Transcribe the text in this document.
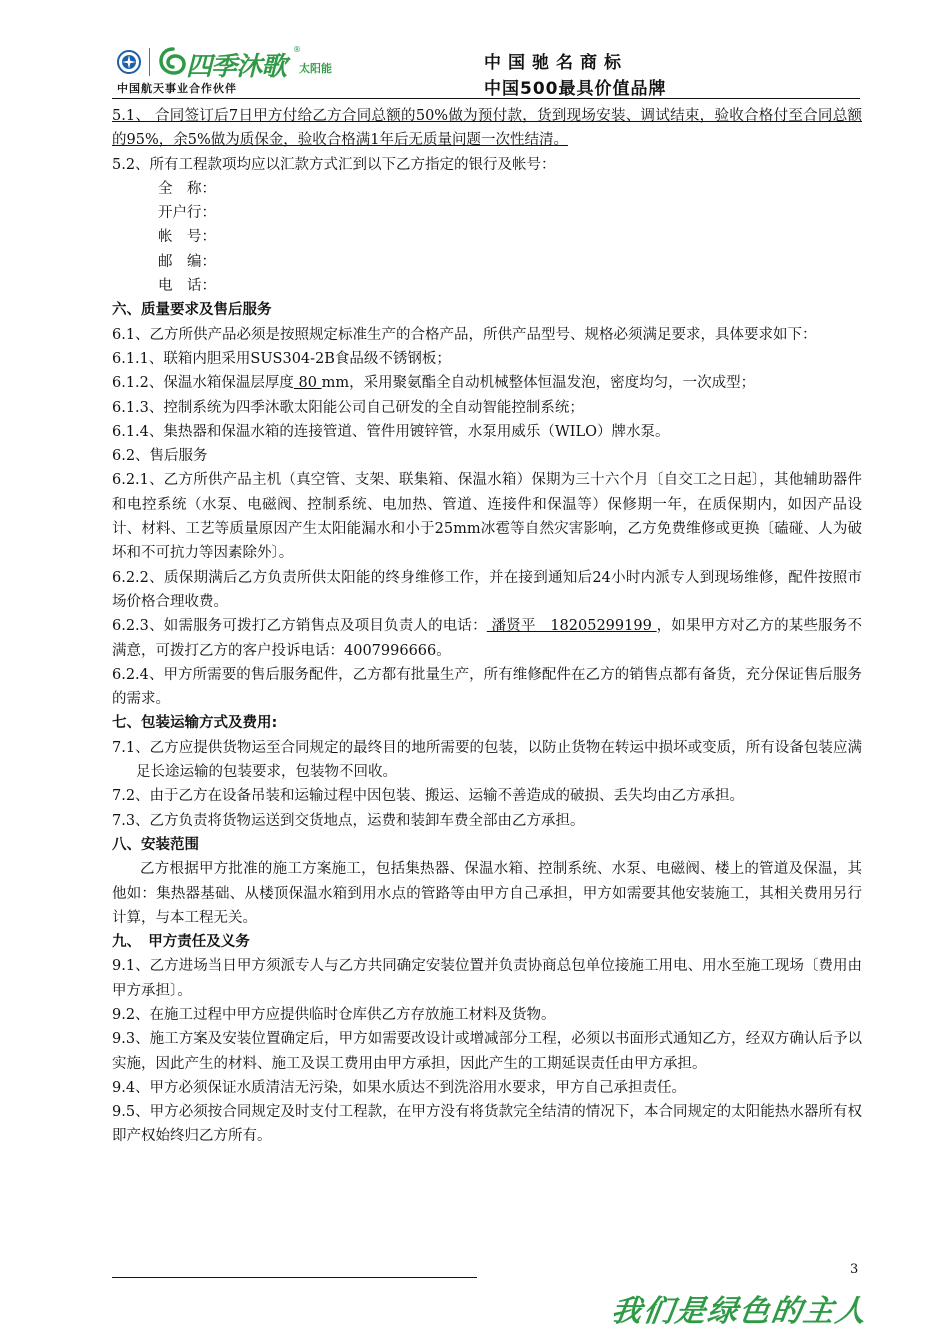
四季沐歌
®
太阳能
中国航天事业合作伙伴
中国驰名商标
中国500最具价值品牌

5.1、 合同签订后7日甲方付给乙方合同总额的50%做为预付款，货到现场安装、调试结束，验收合格付至合同总额的95%，余5%做为质保金，验收合格满1年后无质量问题一次性结清。

5.2、所有工程款项均应以汇款方式汇到以下乙方指定的银行及帐号：

全　称：

开户行：

帐　号：

邮　编：

电　话：

六、质量要求及售后服务

6.1、乙方所供产品必须是按照规定标准生产的合格产品，所供产品型号、规格必须满足要求，具体要求如下：

6.1.1、联箱内胆采用SUS304-2B食品级不锈钢板；

6.1.2、保温水箱保温层厚度 80 mm，采用聚氨酯全自动机械整体恒温发泡，密度均匀，一次成型；

6.1.3、控制系统为四季沐歌太阳能公司自己研发的全自动智能控制系统；

6.1.4、集热器和保温水箱的连接管道、管件用镀锌管，水泵用威乐（WILO）牌水泵。

6.2、售后服务

6.2.1、乙方所供产品主机（真空管、支架、联集箱、保温水箱）保期为三十六个月〔自交工之日起〕，其他辅助器件和电控系统（水泵、电磁阀、控制系统、电加热、管道、连接件和保温等）保修期一年，在质保期内，如因产品设计、材料、工艺等质量原因产生太阳能漏水和小于25mm冰雹等自然灾害影响，乙方免费维修或更换〔磕碰、人为破坏和不可抗力等因素除外〕。

6.2.2、质保期满后乙方负责所供太阳能的终身维修工作，并在接到通知后24小时内派专人到现场维修，配件按照市场价格合理收费。

6.2.3、如需服务可拨打乙方销售点及项目负责人的电话： 潘贤平　18205299199 ，如果甲方对乙方的某些服务不满意，可拨打乙方的客户投诉电话：4007996666。

6.2.4、甲方所需要的售后服务配件，乙方都有批量生产，所有维修配件在乙方的销售点都有备货，充分保证售后服务的需求。

七、包装运输方式及费用:

7.1、乙方应提供货物运至合同规定的最终目的地所需要的包装，以防止货物在转运中损坏或变质，所有设备包装应满足长途运输的包装要求，包装物不回收。

7.2、由于乙方在设备吊装和运输过程中因包装、搬运、运输不善造成的破损、丢失均由乙方承担。

7.3、乙方负责将货物运送到交货地点，运费和装卸车费全部由乙方承担。

八、安装范围

乙方根据甲方批准的施工方案施工，包括集热器、保温水箱、控制系统、水泵、电磁阀、楼上的管道及保温，其他如：集热器基础、从楼顶保温水箱到用水点的管路等由甲方自己承担，甲方如需要其他安装施工，其相关费用另行计算，与本工程无关。

九、　甲方责任及义务

9.1、乙方进场当日甲方须派专人与乙方共同确定安装位置并负责协商总包单位接施工用电、用水至施工现场〔费用由甲方承担〕。

9.2、在施工过程中甲方应提供临时仓库供乙方存放施工材料及货物。

9.3、施工方案及安装位置确定后，甲方如需要改设计或增减部分工程，必须以书面形式通知乙方，经双方确认后予以实施，因此产生的材料、施工及误工费用由甲方承担，因此产生的工期延误责任由甲方承担。

9.4、甲方必须保证水质清洁无污染，如果水质达不到洗浴用水要求，甲方自己承担责任。

9.5、甲方必须按合同规定及时支付工程款，在甲方没有将货款完全结清的情况下，本合同规定的太阳能热水器所有权即产权始终归乙方所有。

3
我们是绿色的主人
